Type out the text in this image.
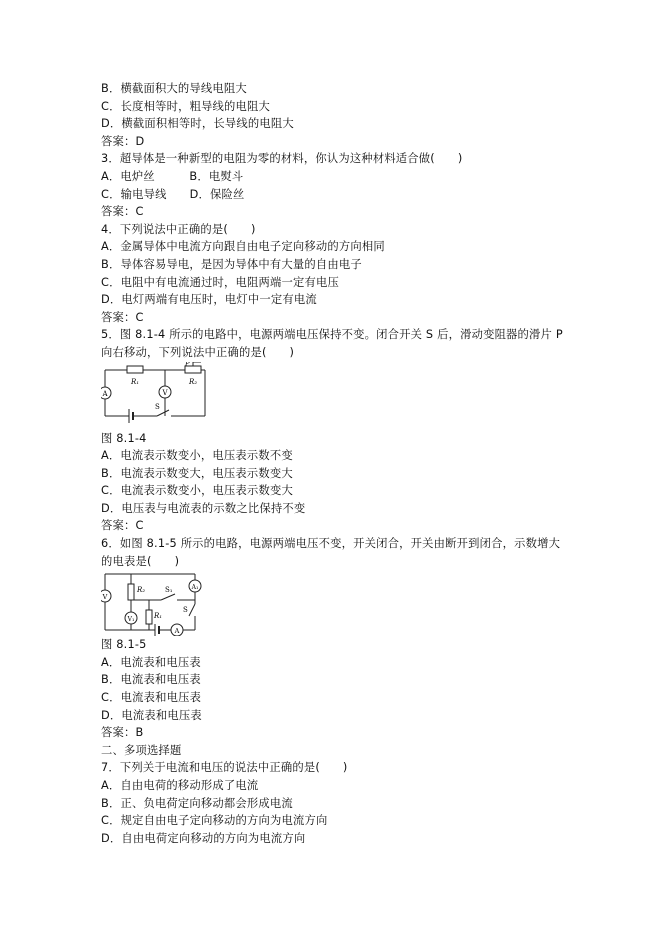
B．横截面积大的导线电阻大
C．长度相等时，粗导线的电阻大
D．横截面积相等时，长导线的电阻大
答案：D
3．超导体是一种新型的电阻为零的材料，你认为这种材料适合做(　　)
A．电炉丝　　　B．电熨斗
C．输电导线　　D．保险丝
答案：C
4．下列说法中正确的是(　　)
A．金属导体中电流方向跟自由电子定向移动的方向相同
B．导体容易导电，是因为导体中有大量的自由电子
C．电阻中有电流通过时，电阻两端一定有电压
D．电灯两端有电压时，电灯中一定有电流
答案：C
5．图 8.1-4 所示的电路中，电源两端电压保持不变。闭合开关 S 后，滑动变阻器的滑片 P
向右移动，下列说法中正确的是(　　)
A	V
R₁	R₂
P
S
图 8.1-4
A．电流表示数变小，电压表示数不变
B．电流表示数变大，电压表示数变大
C．电流表示数变小，电压表示数变大
D．电压表与电流表的示数之比保持不变
答案：C
6．如图 8.1-5 所示的电路，电源两端电压不变，开关闭合，开关由断开到闭合，示数增大
的电表是(　　)
V
V₁
A₁
A
R₂
R₁
S₁
S
图 8.1-5
A．电流表和电压表
B．电流表和电压表
C．电流表和电压表
D．电流表和电压表
答案：B
二、多项选择题
7．下列关于电流和电压的说法中正确的是(　　)
A．自由电荷的移动形成了电流
B．正、负电荷定向移动都会形成电流
C．规定自由电子定向移动的方向为电流方向
D．自由电荷定向移动的方向为电流方向
